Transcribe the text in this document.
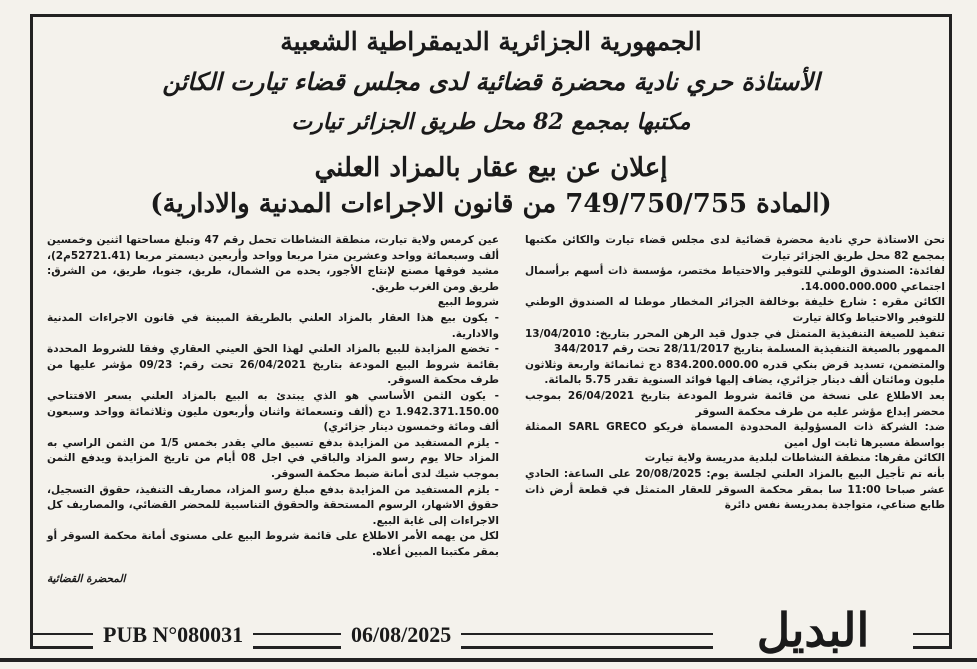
الجمهورية الجزائرية الديمقراطية الشعبية
الأستاذة حري نادية محضرة قضائية لدى مجلس قضاء تيارت الكائن
مكتبها بمجمع 82 محل طريق الجزائر تيارت
إعلان عن بيع عقار بالمزاد العلني
(المادة 749/750/755 من قانون الاجراءات المدنية والادارية)

نحن الاستاذة حري نادية محضرة قضائية لدى مجلس قضاء تيارت والكائن مكتبها بمجمع 82 محل طريق الجزائر تيارت

لفائدة: الصندوق الوطني للتوفير والاحتياط مختصر، مؤسسة ذات أسهم برأسمال اجتماعي 14.000.000.000.

الكائن مقره : شارع خليفة بوخالفة الجزائر المخطار موطنا له الصندوق الوطني للتوفير والاحتياط وكالة تيارت

تنفيذ للصيغة التنفيذية المتمثل في جدول قيد الرهن المحرر بتاريخ: 13/04/2010 الممهور بالصيغة التنفيذية المسلمة بتاريخ 28/11/2017 تحت رقم 344/2017

والمتضمن، تسديد قرض بنكي قدره 834.200.000.00 دج ثمانمائة واربعة وثلاثون مليون ومائتان ألف دينار جزائري، يضاف إليها فوائد السنوية تقدر 5.75 بالمائة.

بعد الاطلاع على نسخة من قائمة شروط المودعة بتاريخ 26/04/2021 بموجب محضر إيداع مؤشر عليه من طرف محكمة السوقر

ضد: الشركة ذات المسؤولية المحدودة المسماة فريكو SARL GRECO الممثلة بواسطة مسيرها ثابت اول امين

الكائن مقرها: منطقة النشاطات لبلدية مدريسة ولاية تيارت

بأنه تم تأجيل البيع بالمزاد العلني لجلسة يوم: 20/08/2025 على الساعة: الحادي عشر صباحا 11:00 سا بمقر محكمة السوقر للعقار المتمثل في قطعة أرض ذات طابع صناعي، متواجدة بمدريسة نفس دائرة

عين كرمس ولاية تيارت، منطقة النشاطات تحمل رقم 47 وتبلغ مساحتها اثنين وخمسين ألف وسبعمائة وواحد وعشرين مترا مربعا وواحد وأربعين ديسمتر مربعا (52721.41م2)، مشيد فوقها مصنع لإنتاج الأجور، يحده من الشمال، طريق، جنوبا، طريق، من الشرق: طريق ومن الغرب طريق.

شروط البيع

- يكون بيع هذا العقار بالمزاد العلني بالطريقة المبينة في قانون الاجراءات المدنية والادارية.

- تخضع المزايدة للبيع بالمزاد العلني لهذا الحق العيني العقاري وفقا للشروط المحددة بقائمة شروط البيع المودعة بتاريخ 26/04/2021 تحت رقم: 09/23 مؤشر عليها من طرف محكمة السوقر.

- يكون الثمن الأساسي هو الذي يبتدئ به البيع بالمزاد العلني بسعر الافتتاحي 1.942.371.150.00 دج (ألف وتسعمائة واثنان وأربعون مليون وثلاثمائة وواحد وسبعون ألف ومائة وخمسون دينار جزائري)

- يلزم المستفيد من المزايدة بدفع تسبيق مالي يقدر بخمس 1/5 من الثمن الراسي به المزاد حالا يوم رسو المزاد والباقي في اجل 08 أيام من تاريخ المزايدة ويدفع الثمن بموجب شيك لدى أمانة ضبط محكمة السوقر.

- يلزم المستفيد من المزايدة بدفع مبلغ رسو المزاد، مصاريف التنفيذ، حقوق التسجيل، حقوق الاشهار، الرسوم المستحقة والحقوق التناسبية للمحضر القضائي، والمصاريف كل الاجراءات إلى غاية البيع.

لكل من يهمه الأمر الاطلاع على قائمة شروط البيع على مستوى أمانة محكمة السوقر أو بمقر مكتبنا المبين أعلاه.

المحضرة القضائية
البديل
PUB N°080031	06/08/2025
